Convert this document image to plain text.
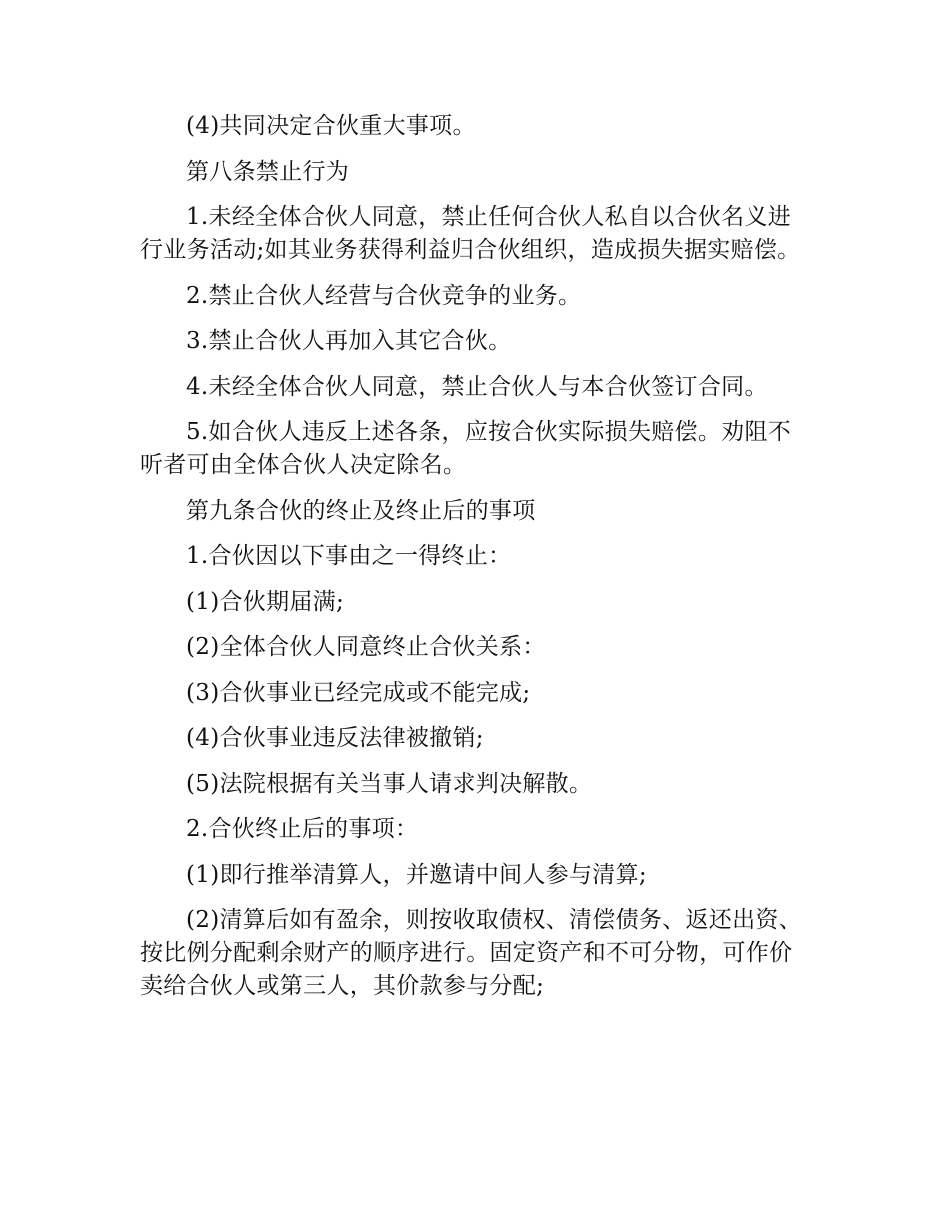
(4)共同决定合伙重大事项。

第八条禁止行为

1.未经全体合伙人同意，禁止任何合伙人私自以合伙名义进行业务活动;如其业务获得利益归合伙组织，造成损失据实赔偿。

2.禁止合伙人经营与合伙竞争的业务。

3.禁止合伙人再加入其它合伙。

4.未经全体合伙人同意，禁止合伙人与本合伙签订合同。

5.如合伙人违反上述各条，应按合伙实际损失赔偿。劝阻不听者可由全体合伙人决定除名。

第九条合伙的终止及终止后的事项

1.合伙因以下事由之一得终止：

(1)合伙期届满;

(2)全体合伙人同意终止合伙关系：

(3)合伙事业已经完成或不能完成;

(4)合伙事业违反法律被撤销;

(5)法院根据有关当事人请求判决解散。

2.合伙终止后的事项：

(1)即行推举清算人，并邀请中间人参与清算;

(2)清算后如有盈余，则按收取债权、清偿债务、返还出资、按比例分配剩余财产的顺序进行。固定资产和不可分物，可作价卖给合伙人或第三人，其价款参与分配;
